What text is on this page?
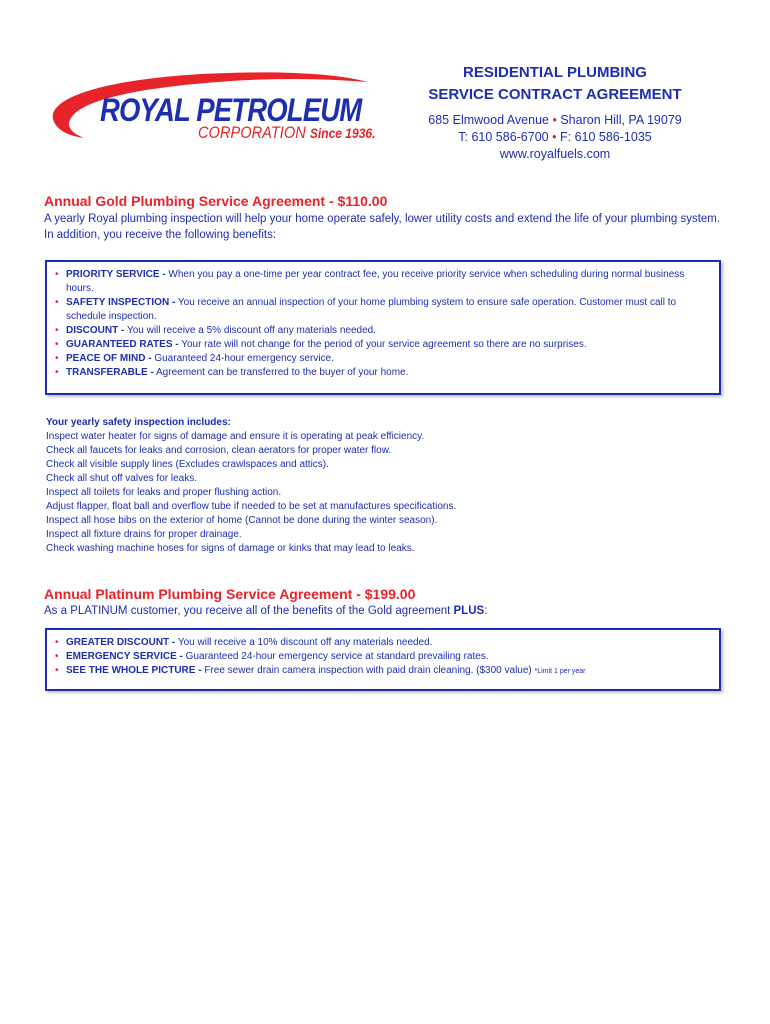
ROYAL PETROLEUM
CORPORATION Since 1936.
RESIDENTIAL PLUMBING
SERVICE CONTRACT AGREEMENT
685 Elmwood Avenue • Sharon Hill, PA 19079
T: 610 586-6700 • F: 610 586-1035
www.royalfuels.com
Annual Gold Plumbing Service Agreement - $110.00
A yearly Royal plumbing inspection will help your home operate safely, lower utility costs and extend the life of your plumbing system. In addition, you receive the following benefits:
• PRIORITY SERVICE - When you pay a one-time per year contract fee, you receive priority service when scheduling during normal business hours.
• SAFETY INSPECTION - You receive an annual inspection of your home plumbing system to ensure safe operation. Customer must call to schedule inspection.
• DISCOUNT - You will receive a 5% discount off any materials needed.
• GUARANTEED RATES - Your rate will not change for the period of your service agreement so there are no surprises.
• PEACE OF MIND - Guaranteed 24-hour emergency service.
• TRANSFERABLE - Agreement can be transferred to the buyer of your home.
Your yearly safety inspection includes:
Inspect water heater for signs of damage and ensure it is operating at peak efficiency.
Check all faucets for leaks and corrosion, clean aerators for proper water flow.
Check all visible supply lines (Excludes crawlspaces and attics).
Check all shut off valves for leaks.
Inspect all toilets for leaks and proper flushing action.
Adjust flapper, float ball and overflow tube if needed to be set at manufactures specifications.
Inspect all hose bibs on the exterior of home (Cannot be done during the winter season).
Inspect all fixture drains for proper drainage.
Check washing machine hoses for signs of damage or kinks that may lead to leaks.
Annual Platinum Plumbing Service Agreement - $199.00
As a PLATINUM customer, you receive all of the benefits of the Gold agreement PLUS:
• GREATER DISCOUNT - You will receive a 10% discount off any materials needed.
• EMERGENCY SERVICE - Guaranteed 24-hour emergency service at standard prevailing rates.
• SEE THE WHOLE PICTURE - Free sewer drain camera inspection with paid drain cleaning. ($300 value) *Limit 1 per year
